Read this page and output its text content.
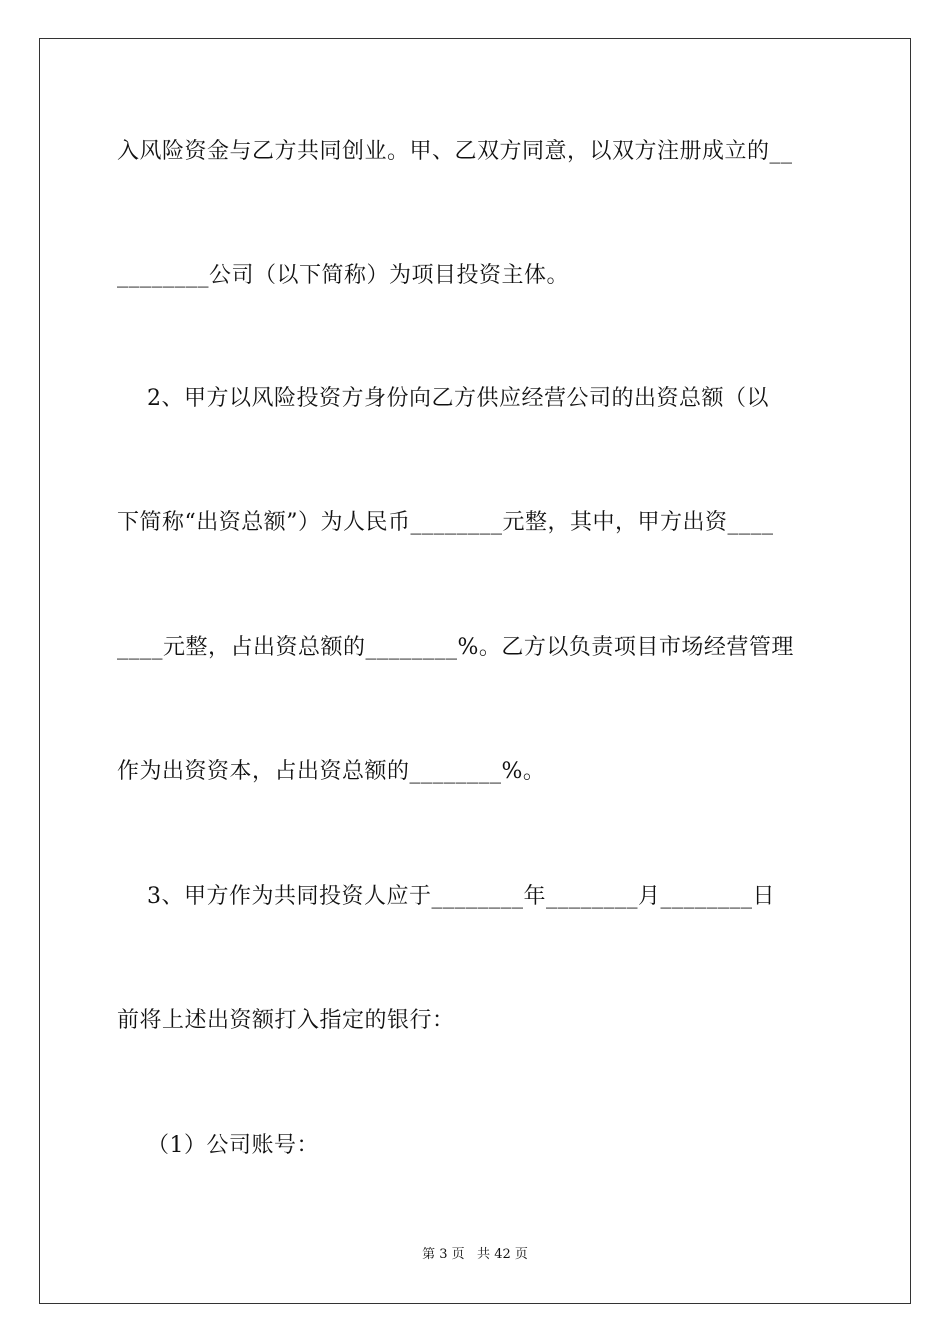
入风险资金与乙方共同创业。甲、乙双方同意，以双方注册成立的__
________公司（以下简称）为项目投资主体。
2、甲方以风险投资方身份向乙方供应经营公司的出资总额（以
下简称“出资总额”）为人民币________元整，其中，甲方出资____
____元整，占出资总额的________%。乙方以负责项目市场经营管理
作为出资资本，占出资总额的________%。
3、甲方作为共同投资人应于________年________月________日
前将上述出资额打入指定的银行：
（1）公司账号：
第 3 页   共 42 页
